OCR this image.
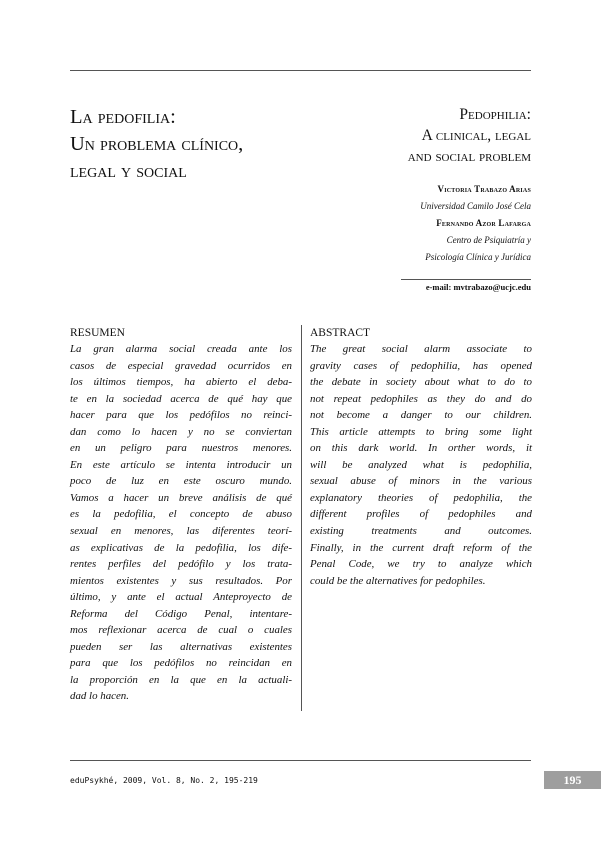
La pedofilia:
Un problema clínico,
legal y social
Pedophilia:
A clinical, legal
and social problem
Victoria Trabazo Arias
Universidad Camilo José Cela
Fernando Azor Lafarga
Centro de Psiquiatría y
Psicología Clínica y Jurídica
e-mail: mvtrabazo@ucjc.edu
RESUMEN
La gran alarma social creada ante los
casos de especial gravedad ocurridos en
los últimos tiempos, ha abierto el deba-
te en la sociedad acerca de qué hay que
hacer para que los pedófilos no reinci-
dan como lo hacen y no se conviertan
en un peligro para nuestros menores.
En este artículo se intenta introducir un
poco de luz en este oscuro mundo.
Vamos a hacer un breve análisis de qué
es la pedofilia, el concepto de abuso
sexual en menores, las diferentes teorí-
as explicativas de la pedofilia, los dife-
rentes perfiles del pedófilo y los trata-
mientos existentes y sus resultados. Por
último, y ante el actual Anteproyecto de
Reforma del Código Penal, intentare-
mos reflexionar acerca de cual o cuales
pueden ser las alternativas existentes
para que los pedófilos no reincidan en
la proporción en la que en la actuali-
dad lo hacen.
ABSTRACT
The great social alarm associate to
gravity cases of pedophilia, has opened
the debate in society about what to do to
not repeat pedophiles as they do and do
not become a danger to our children.
This article attempts to bring some light
on this dark world. In orther words, it
will be analyzed what is pedophilia,
sexual abuse of minors in the various
explanatory theories of pedophilia, the
different profiles of pedophiles and
existing treatments and outcomes.
Finally, in the current draft reform of the
Penal Code, we try to analyze which
could be the alternatives for pedophiles.
eduPsykhé, 2009, Vol. 8, No. 2, 195-219	195
